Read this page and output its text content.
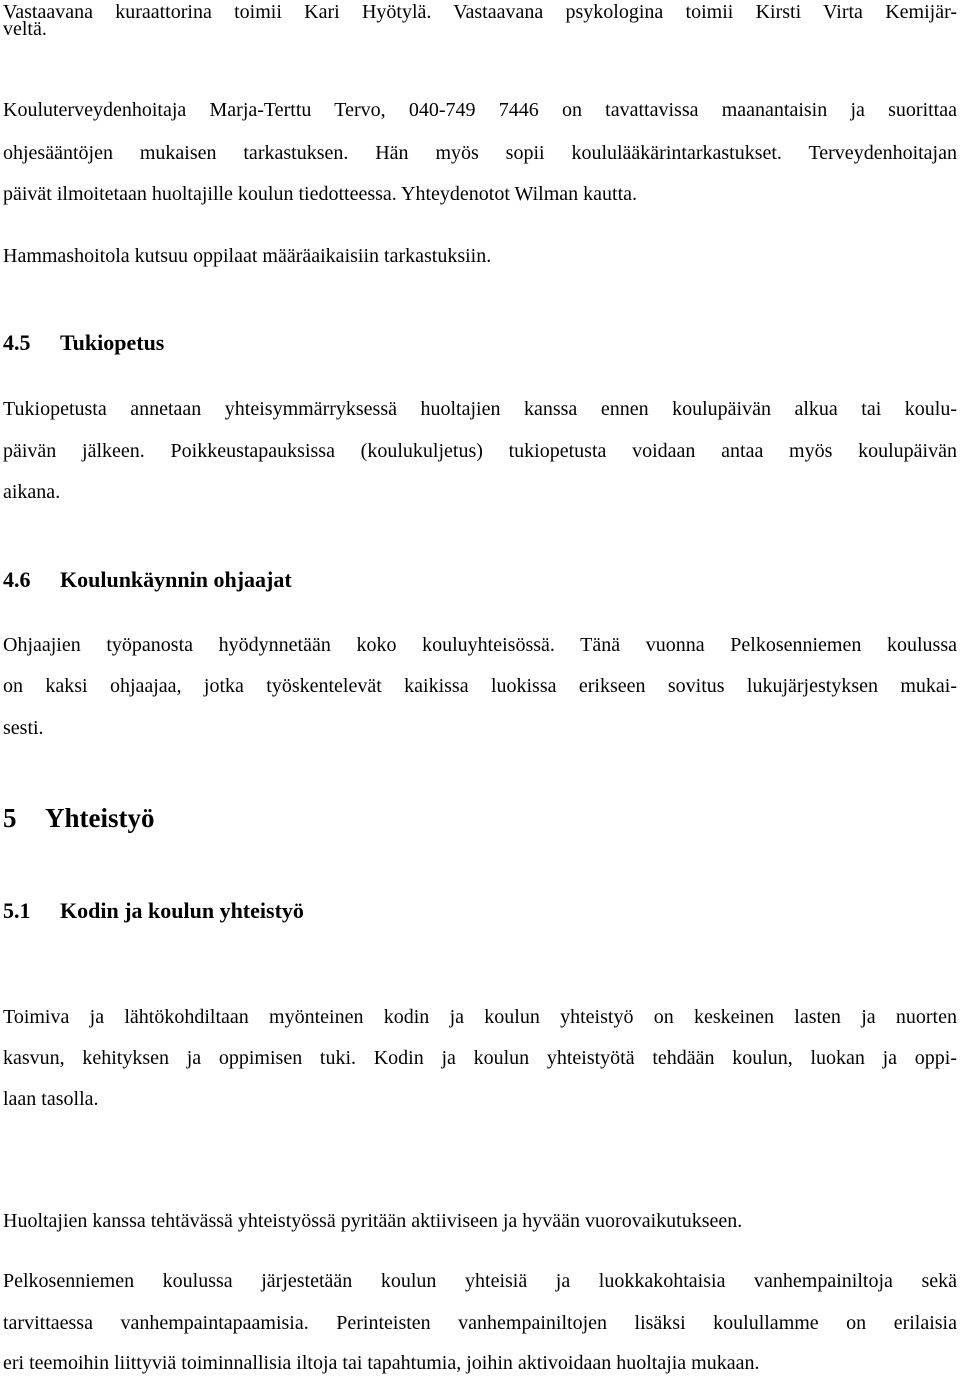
Vastaavana kuraattorina toimii Kari Hyötylä. Vastaavana psykologina toimii Kirsti Virta Kemijär-
veltä.
Kouluterveydenhoitaja Marja-Terttu Tervo, 040-749 7446 on tavattavissa maanantaisin ja suorittaa
ohjesääntöjen mukaisen tarkastuksen. Hän myös sopii koululääkärintarkastukset. Terveydenhoitajan
päivät ilmoitetaan huoltajille koulun tiedotteessa. Yhteydenotot Wilman kautta.
Hammashoitola kutsuu oppilaat määräaikaisiin tarkastuksiin.
4.5 Tukiopetus
Tukiopetusta annetaan yhteisymmärryksessä huoltajien kanssa ennen koulupäivän alkua tai koulu-
päivän jälkeen. Poikkeustapauksissa (koulukuljetus) tukiopetusta voidaan antaa myös koulupäivän
aikana.
4.6 Koulunkäynnin ohjaajat
Ohjaajien työpanosta hyödynnetään koko kouluyhteisössä. Tänä vuonna Pelkosenniemen koulussa
on kaksi ohjaajaa, jotka työskentelevät kaikissa luokissa erikseen sovitus lukujärjestyksen mukai-
sesti.
5 Yhteistyö
5.1 Kodin ja koulun yhteistyö
Toimiva ja lähtökohdiltaan myönteinen kodin ja koulun yhteistyö on keskeinen lasten ja nuorten
kasvun, kehityksen ja oppimisen tuki. Kodin ja koulun yhteistyötä tehdään koulun, luokan ja oppi-
laan tasolla.
Huoltajien kanssa tehtävässä yhteistyössä pyritään aktiiviseen ja hyvään vuorovaikutukseen.
Pelkosenniemen koulussa järjestetään koulun yhteisiä ja luokkakohtaisia vanhempainiltoja sekä
tarvittaessa vanhempaintapaamisia. Perinteisten vanhempainiltojen lisäksi koulullamme on erilaisia
eri teemoihin liittyviä toiminnallisia iltoja tai tapahtumia, joihin aktivoidaan huoltajia mukaan.
